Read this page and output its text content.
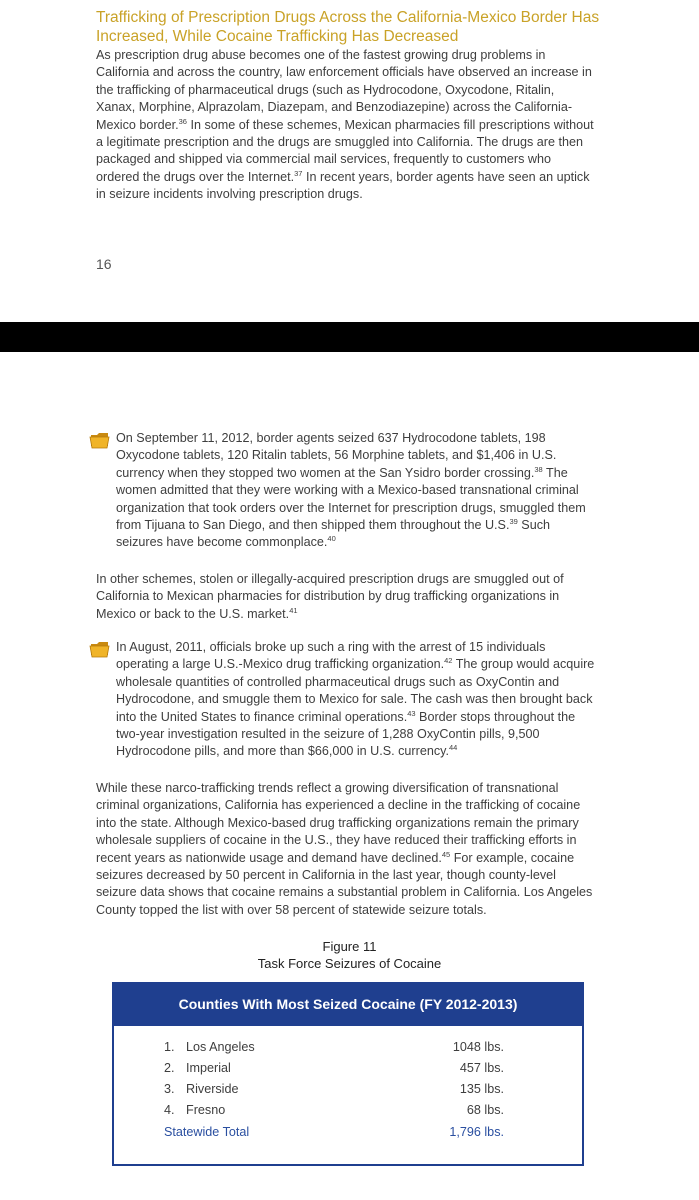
Trafficking of Prescription Drugs Across the California-Mexico Border Has Increased, While Cocaine Trafficking Has Decreased

As prescription drug abuse becomes one of the fastest growing drug problems in California and across the country, law enforcement officials have observed an increase in the trafficking of pharmaceutical drugs (such as Hydrocodone, Oxycodone, Ritalin, Xanax, Morphine, Alprazolam, Diazepam, and Benzodiazepine) across the California-Mexico border.$^{36}$ In some of these schemes, Mexican pharmacies fill prescriptions without a legitimate prescription and the drugs are smuggled into California. The drugs are then packaged and shipped via commercial mail services, frequently to customers who ordered the drugs over the Internet.$^{37}$ In recent years, border agents have seen an uptick in seizure incidents involving prescription drugs.

16

On September 11, 2012, border agents seized 637 Hydrocodone tablets, 198 Oxycodone tablets, 120 Ritalin tablets, 56 Morphine tablets, and $1,406 in U.S. currency when they stopped two women at the San Ysidro border crossing.$^{38}$ The women admitted that they were working with a Mexico-based transnational criminal organization that took orders over the Internet for prescription drugs, smuggled them from Tijuana to San Diego, and then shipped them throughout the U.S.$^{39}$ Such seizures have become commonplace.$^{40}$

In other schemes, stolen or illegally-acquired prescription drugs are smuggled out of California to Mexican pharmacies for distribution by drug trafficking organizations in Mexico or back to the U.S. market.$^{41}$

In August, 2011, officials broke up such a ring with the arrest of 15 individuals operating a large U.S.-Mexico drug trafficking organization.$^{42}$ The group would acquire wholesale quantities of controlled pharmaceutical drugs such as OxyContin and Hydrocodone, and smuggle them to Mexico for sale. The cash was then brought back into the United States to finance criminal operations.$^{43}$ Border stops throughout the two-year investigation resulted in the seizure of 1,288 OxyContin pills, 9,500 Hydrocodone pills, and more than $66,000 in U.S. currency.$^{44}$

While these narco-trafficking trends reflect a growing diversification of transnational criminal organizations, California has experienced a decline in the trafficking of cocaine into the state. Although Mexico-based drug trafficking organizations remain the primary wholesale suppliers of cocaine in the U.S., they have reduced their trafficking efforts in recent years as nationwide usage and demand have declined.$^{45}$ For example, cocaine seizures decreased by 50 percent in California in the last year, though county-level seizure data shows that cocaine remains a substantial problem in California. Los Angeles County topped the list with over 58 percent of statewide seizure totals.

Figure 11
Task Force Seizures of Cocaine
Counties With Most Seized Cocaine (FY 2012-2013)
1. Los Angeles	1048 lbs.
2. Imperial	457 lbs.
3. Riverside	135 lbs.
4. Fresno	68 lbs.
Statewide Total	1,796 lbs.
